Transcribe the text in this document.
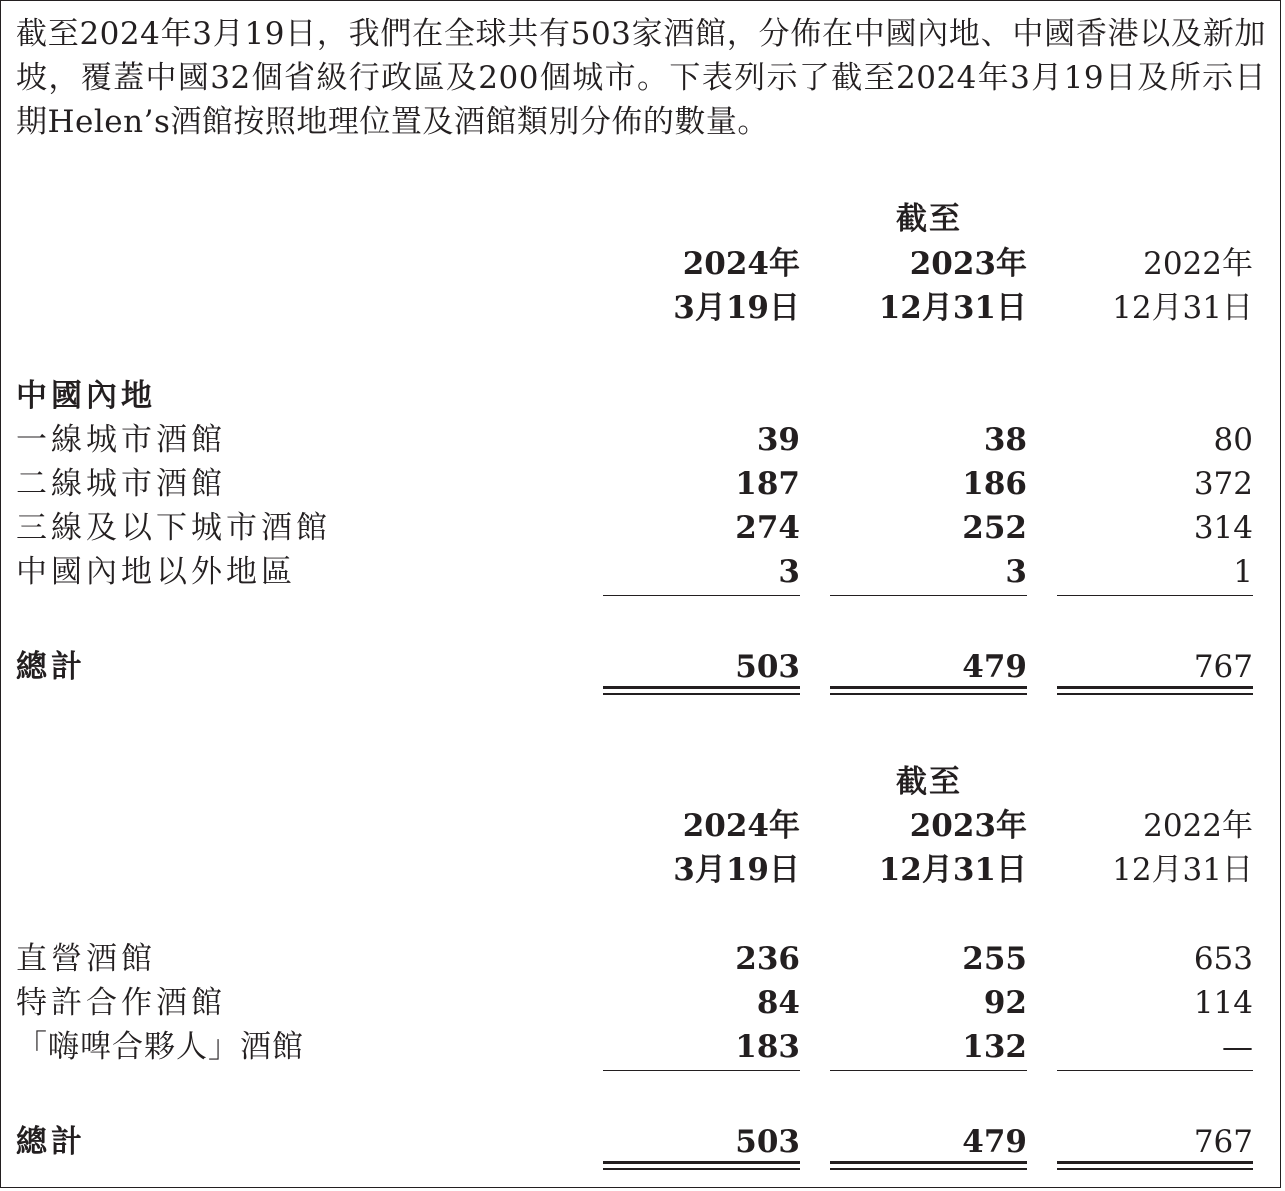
截至2024年3月19日，我們在全球共有503家酒館，分佈在中國內地、中國香港以及新加坡，覆蓋中國32個省級行政區及200個城市。下表列示了截至2024年3月19日及所示日期Helen’s酒館按照地理位置及酒館類別分佈的數量。

截至
2024年	2023年	2022年
3月19日	12月31日	12月31日
中國內地
一線城市酒館	39	38	80
二線城市酒館	187	186	372
三線及以下城市酒館	274	252	314
中國內地以外地區	3	3	1
總計	503	479	767
截至
2024年	2023年	2022年
3月19日	12月31日	12月31日
直營酒館	236	255	653
特許合作酒館	84	92	114
「嗨啤合夥人」酒館	183	132	—
總計	503	479	767
